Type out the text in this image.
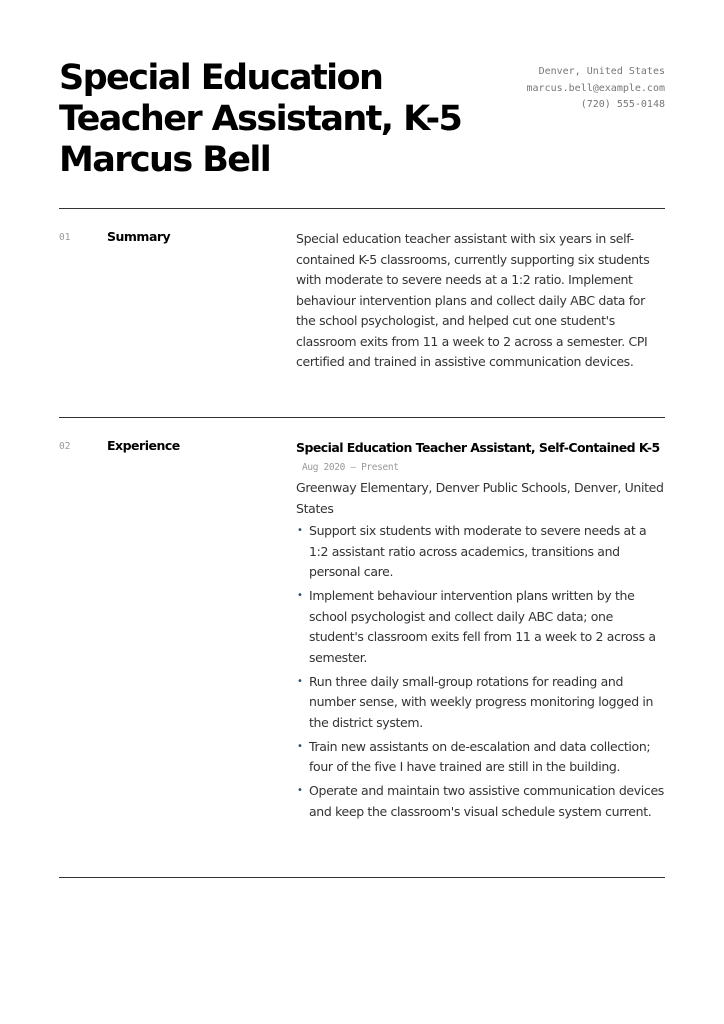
Special Education Teacher Assistant, K-5 Marcus Bell
Denver, United States
marcus.bell@example.com
(720) 555-0148
01	Summary	Special education teacher assistant with six years in self-contained K-5 classrooms, currently supporting six students with moderate to severe needs at a 1:2 ratio. Implement behaviour intervention plans and collect daily ABC data for the school psychologist, and helped cut one student's classroom exits from 11 a week to 2 across a semester. CPI certified and trained in assistive communication devices.
02	Experience	Special Education Teacher Assistant, Self-Contained K-5
Aug 2020 — Present
Greenway Elementary, Denver Public Schools, Denver, United States
• Support six students with moderate to severe needs at a 1:2 assistant ratio across academics, transitions and personal care.
• Implement behaviour intervention plans written by the school psychologist and collect daily ABC data; one student's classroom exits fell from 11 a week to 2 across a semester.
• Run three daily small-group rotations for reading and number sense, with weekly progress monitoring logged in the district system.
• Train new assistants on de-escalation and data collection; four of the five I have trained are still in the building.
• Operate and maintain two assistive communication devices and keep the classroom's visual schedule system current.
